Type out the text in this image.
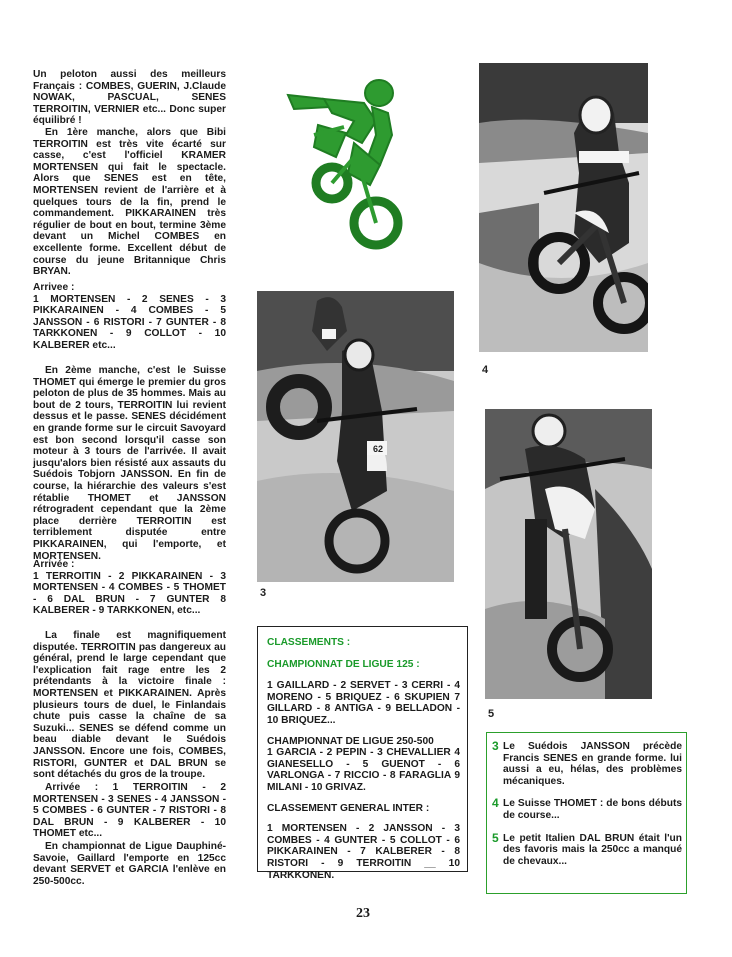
Un peloton aussi des meilleurs Français : COMBES, GUERIN, J.Claude NOWAK, PASCUAL, SENES TERROITIN, VERNIER etc... Donc super équilibré !

En 1ère manche, alors que Bibi TERROITIN est très vite écarté sur casse, c'est l'officiel KRAMER MORTENSEN qui fait le spectacle. Alors que SENES est en tête, MORTENSEN revient de l'arrière et à quelques tours de la fin, prend le commandement. PIKKARAINEN très régulier de bout en bout, termine 3ème devant un Michel COMBES en excellente forme. Excellent début de course du jeune Britannique Chris BRYAN.

Arrivee :

1 MORTENSEN - 2 SENES - 3 PIKKARAINEN - 4 COMBES - 5 JANSSON - 6 RISTORI - 7 GUNTER - 8 TARKKONEN - 9 COLLOT - 10 KALBERER etc...

En 2ème manche, c'est le Suisse THOMET qui émerge le premier du gros peloton de plus de 35 hommes. Mais au bout de 2 tours, TERROITIN lui revient dessus et le passe. SENES décidément en grande forme sur le circuit Savoyard est bon second lorsqu'il casse son moteur à 3 tours de l'arrivée. Il avait jusqu'alors bien résisté aux assauts du Suédois Tobjorn JANSSON. En fin de course, la hiérarchie des valeurs s'est rétablie THOMET et JANSSON rétrogradent cependant que la 2ème place derrière TERROITIN est terriblement disputée entre PIKKARAINEN, qui l'emporte, et MORTENSEN.

Arrivée :

1 TERROITIN - 2 PIKKARAINEN - 3 MORTENSEN - 4 COMBES - 5 THOMET - 6 DAL BRUN - 7 GUNTER 8 KALBERER - 9 TARKKONEN, etc...

La finale est magnifiquement disputée. TERROITIN pas dangereux au général, prend le large cependant que l'explication fait rage entre les 2 prétendants à la victoire finale : MORTENSEN et PIKKARAINEN. Après plusieurs tours de duel, le Finlandais chute puis casse la chaîne de sa Suzuki... SENES se défend comme un beau diable devant le Suédois JANSSON. Encore une fois, COMBES, RISTORI, GUNTER et DAL BRUN se sont détachés du gros de la troupe.

Arrivée : 1 TERROITIN - 2 MORTENSEN - 3 SENES - 4 JANSSON - 5 COMBES - 6 GUNTER - 7 RISTORI - 8 DAL BRUN - 9 KALBERER - 10 THOMET etc...

En championnat de Ligue Dauphiné-Savoie, Gaillard l'emporte en 125cc devant SERVET et GARCIA l'enlève en 250-500cc.

4
62
3
5

CLASSEMENTS :

CHAMPIONNAT DE LIGUE 125 :

1 GAILLARD - 2 SERVET - 3 CERRI - 4 MORENO - 5 BRIQUEZ - 6 SKUPIEN 7 GILLARD - 8 ANTIGA - 9 BELLADON - 10 BRIQUEZ...

CHAMPIONNAT DE LIGUE 250-500

1 GARCIA - 2 PEPIN - 3 CHEVALLIER 4 GIANESELLO - 5 GUENOT - 6 VARLONGA - 7 RICCIO - 8 FARAGLIA 9 MILANI - 10 GRIVAZ.

CLASSEMENT GENERAL INTER :

1 MORTENSEN - 2 JANSSON - 3 COMBES - 4 GUNTER - 5 COLLOT - 6 PIKKARAINEN - 7 KALBERER - 8 RISTORI - 9 TERROITIN __ 10 TARKKONEN.

3 Le Suédois JANSSON précède Francis SENES en grande forme. lui aussi a eu, hélas, des problèmes mécaniques.
4 Le Suisse THOMET : de bons débuts de course...
5 Le petit Italien DAL BRUN était l'un des favoris mais la 250cc a manqué de chevaux...
23
